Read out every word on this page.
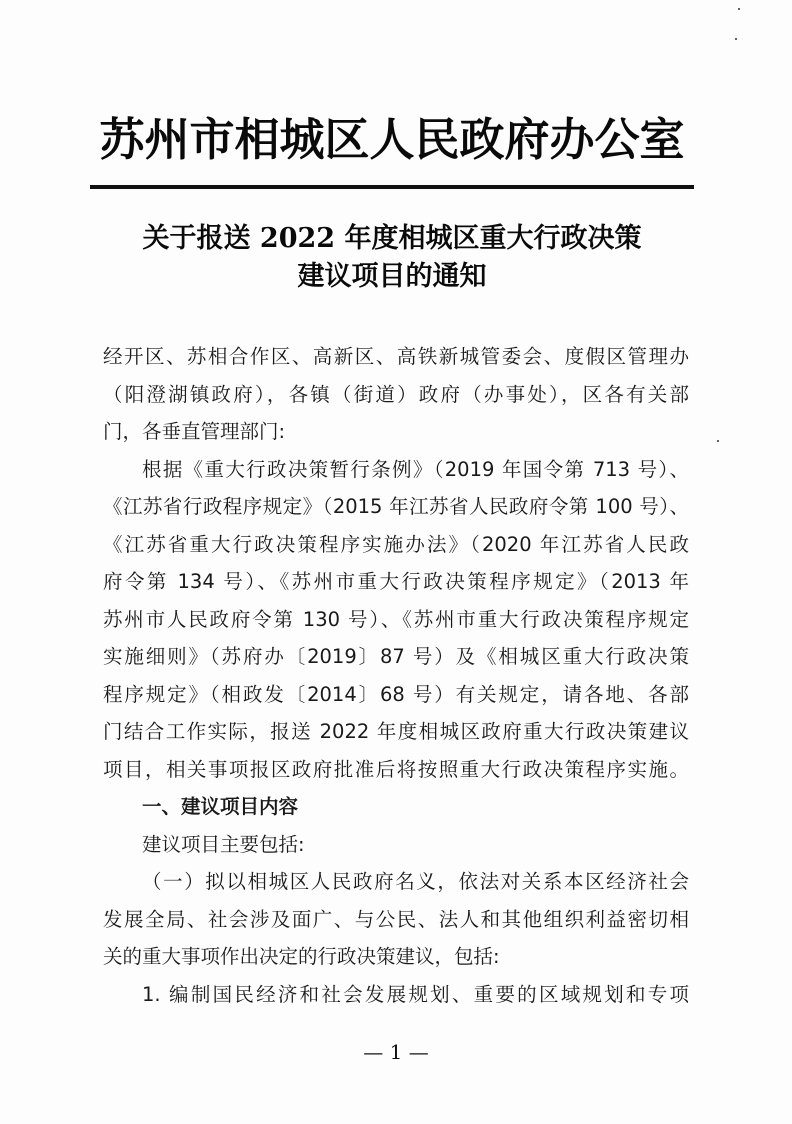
苏州市相城区人民政府办公室
关于报送 2022 年度相城区重大行政决策
建议项目的通知
经开区、苏相合作区、高新区、高铁新城管委会、度假区管理办
（阳澄湖镇政府），各镇（街道）政府（办事处），区各有关部
门，各垂直管理部门:
根据《重大行政决策暂行条例》（2019 年国令第 713 号）、
《江苏省行政程序规定》（2015 年江苏省人民政府令第 100 号）、
《江苏省重大行政决策程序实施办法》（2020 年江苏省人民政
府令第 134 号）、《苏州市重大行政决策程序规定》（2013 年
苏州市人民政府令第 130 号）、《苏州市重大行政决策程序规定
实施细则》（苏府办〔2019〕87 号）及《相城区重大行政决策
程序规定》（相政发〔2014〕68 号）有关规定，请各地、各部
门结合工作实际，报送 2022 年度相城区政府重大行政决策建议
项目，相关事项报区政府批准后将按照重大行政决策程序实施。
一、建议项目内容
建议项目主要包括:
（一）拟以相城区人民政府名义，依法对关系本区经济社会
发展全局、社会涉及面广、与公民、法人和其他组织利益密切相
关的重大事项作出决定的行政决策建议，包括:
1. 编制国民经济和社会发展规划、重要的区域规划和专项
— 1 —
